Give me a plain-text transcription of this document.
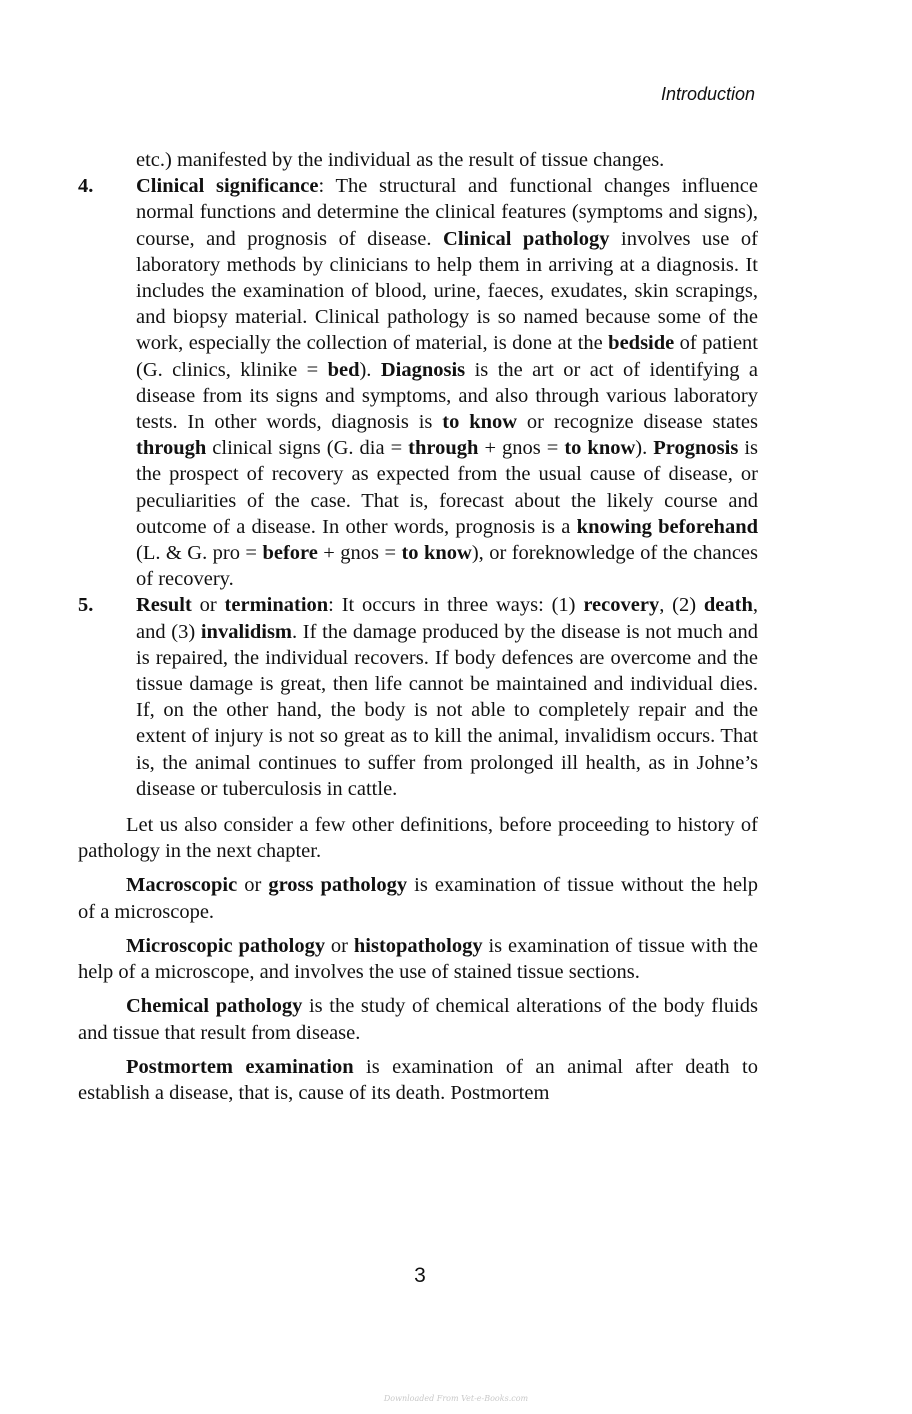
Introduction

etc.) manifested by the individual as the result of tissue changes.

4. Clinical significance: The structural and functional changes influence normal functions and determine the clinical features (symptoms and signs), course, and prognosis of disease. Clinical pathology involves use of laboratory methods by clinicians to help them in arriving at a diagnosis. It includes the examination of blood, urine, faeces, exudates, skin scrapings, and biopsy material. Clinical pathology is so named because some of the work, especially the collection of material, is done at the bedside of patient (G. clinics, klinike = bed). Diagnosis is the art or act of identifying a disease from its signs and symptoms, and also through various laboratory tests. In other words, diagnosis is to know or recognize disease states through clinical signs (G. dia = through + gnos = to know). Prognosis is the prospect of recovery as expected from the usual cause of disease, or peculiarities of the case. That is, forecast about the likely course and outcome of a disease. In other words, prognosis is a knowing beforehand (L. & G. pro = before + gnos = to know), or foreknowledge of the chances of recovery.

5. Result or termination: It occurs in three ways: (1) recovery, (2) death, and (3) invalidism. If the damage produced by the disease is not much and is repaired, the individual recovers. If body defences are overcome and the tissue damage is great, then life cannot be maintained and individual dies. If, on the other hand, the body is not able to completely repair and the extent of injury is not so great as to kill the animal, invalidism occurs. That is, the animal continues to suffer from prolonged ill health, as in Johne’s disease or tuberculosis in cattle.

Let us also consider a few other definitions, before proceeding to history of pathology in the next chapter.

Macroscopic or gross pathology is examination of tissue without the help of a microscope.

Microscopic pathology or histopathology is examination of tissue with the help of a microscope, and involves the use of stained tissue sections.

Chemical pathology is the study of chemical alterations of the body fluids and tissue that result from disease.

Postmortem examination is examination of an animal after death to establish a disease, that is, cause of its death. Postmortem

3
Downloaded From Vet-e-Books.com
